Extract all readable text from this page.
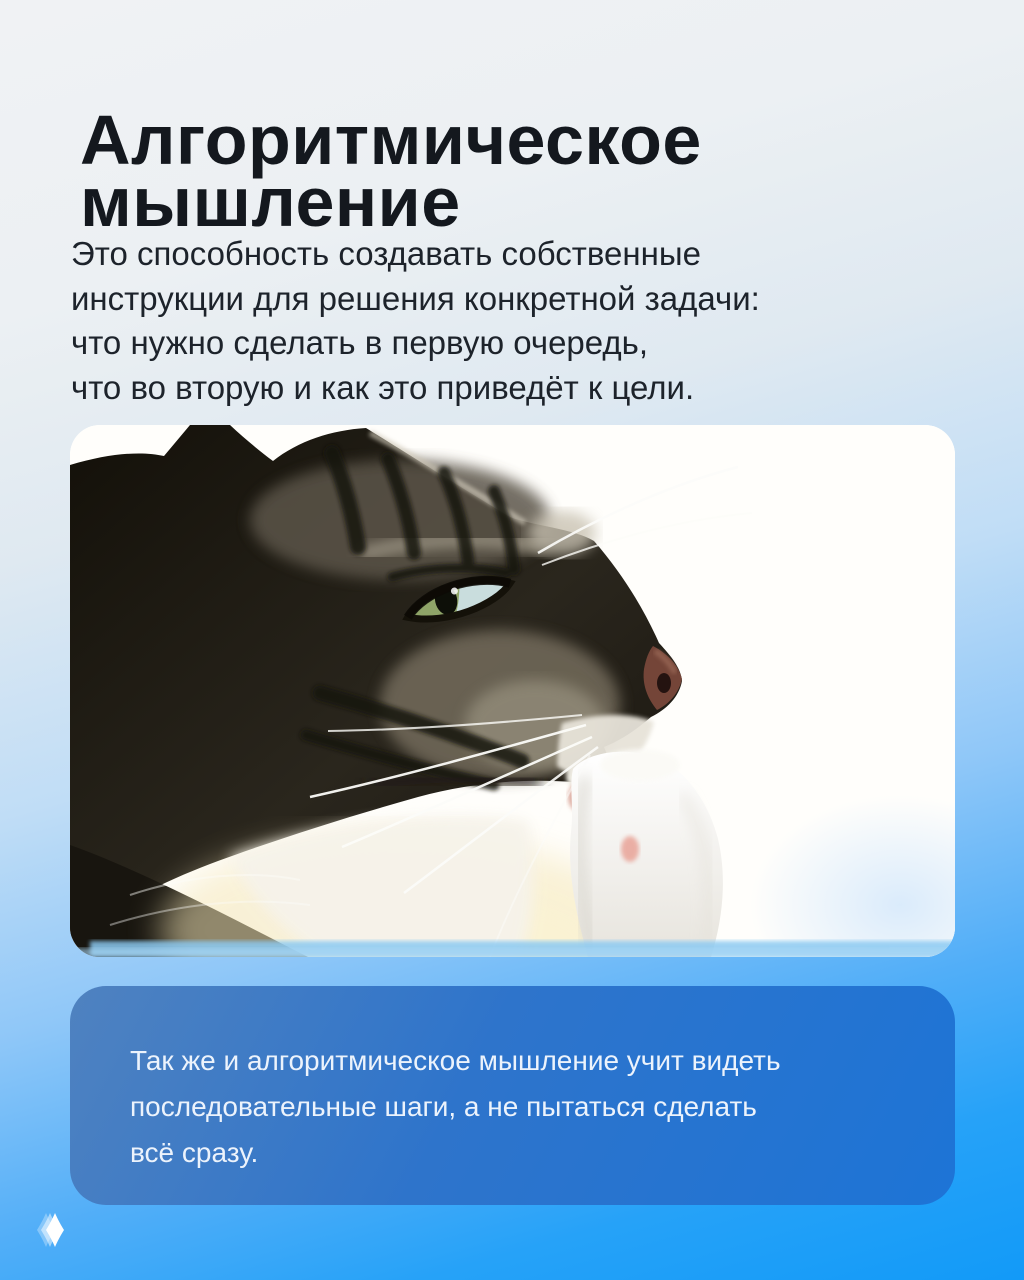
Алгоритмическое
мышление
Это способность создавать собственные
инструкции для решения конкретной задачи:
что нужно сделать в первую очередь,
что во вторую и как это приведёт к цели.
Так же и алгоритмическое мышление учит видеть
последовательные шаги, а не пытаться сделать
всё сразу.
